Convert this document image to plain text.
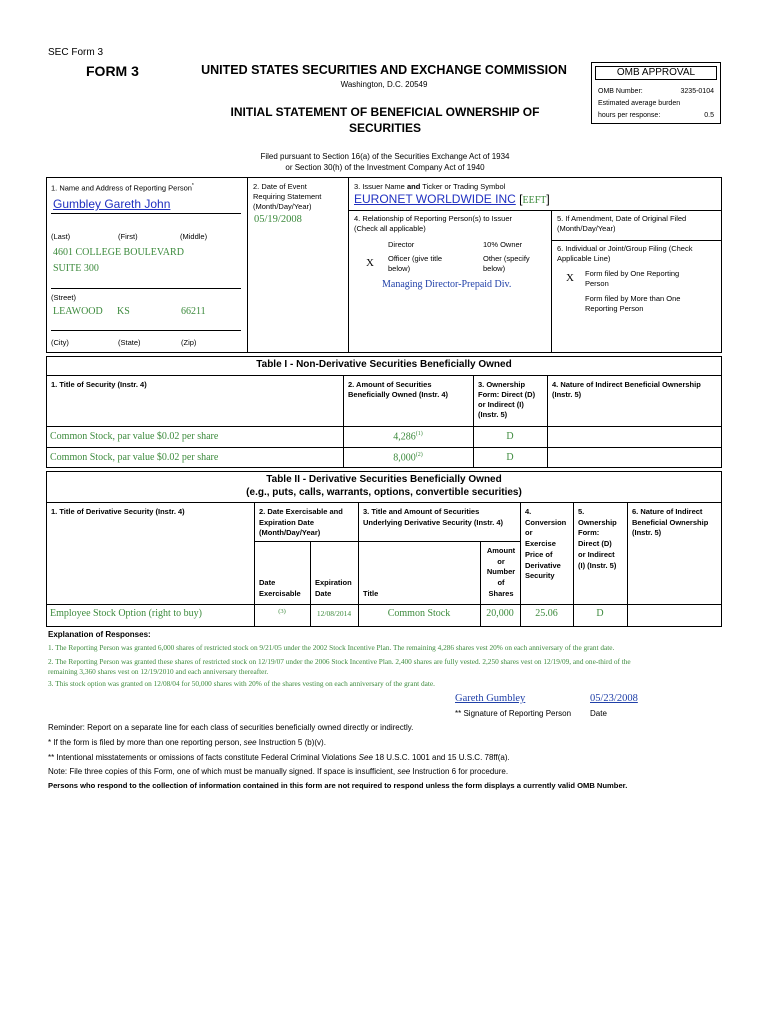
SEC Form 3
FORM 3	UNITED STATES SECURITIES AND EXCHANGE COMMISSION
Washington, D.C. 20549
INITIAL STATEMENT OF BENEFICIAL OWNERSHIP OF
SECURITIES
Filed pursuant to Section 16(a) of the Securities Exchange Act of 1934
or Section 30(h) of the Investment Company Act of 1940
OMB APPROVAL
OMB Number:	3235-0104
Estimated average burden
hours per response:	0.5
1. Name and Address of Reporting Person*
Gumbley Gareth John
(Last)	(First)	(Middle)
4601 COLLEGE BOULEVARD
SUITE 300
(Street)
LEAWOOD KS	66211
(City)	(State)	(Zip)
2. Date of Event
Requiring Statement
(Month/Day/Year)
05/19/2008
3. Issuer Name and Ticker or Trading Symbol
EURONET WORLDWIDE INC [EEFT]
4. Relationship of Reporting Person(s) to Issuer
(Check all applicable)
Director	10% Owner
X Officer (give title
below)
Other (specify
below)
Managing Director-Prepaid Div.
5. If Amendment, Date of Original Filed
(Month/Day/Year)
6. Individual or Joint/Group Filing (Check
Applicable Line)
X Form filed by One Reporting
Person
Form filed by More than One
Reporting Person
Table I - Non-Derivative Securities Beneficially Owned
1. Title of Security (Instr. 4)	2. Amount of Securities
Beneficially Owned (Instr. 4)
3. Ownership
Form: Direct (D)
or Indirect (I)
(Instr. 5)
4. Nature of Indirect Beneficial Ownership
(Instr. 5)
Common Stock, par value $0.02 per share	4,286$^{(1)}$	D
Common Stock, par value $0.02 per share	8,000$^{(2)}$	D
Table II - Derivative Securities Beneficially Owned
(e.g., puts, calls, warrants, options, convertible securities)
1. Title of Derivative Security (Instr. 4)	2. Date Exercisable and
Expiration Date
(Month/Day/Year)
3. Title and Amount of Securities
Underlying Derivative Security (Instr. 4)
4.
Conversion
or
Exercise
Price of
Derivative
Security
5.
Ownership
Form:
Direct (D)
or Indirect
(I) (Instr. 5)
6. Nature of Indirect
Beneficial Ownership
(Instr. 5)
Date
Exercisable
Expiration
Date	Title
Amount
or
Number
of
Shares
Employee Stock Option (right to buy)	(3)	12/08/2014	Common Stock	20,000	25.06	D
Explanation of Responses:
1. The Reporting Person was granted 6,000 shares of restricted stock on 9/21/05 under the 2002 Stock Incentive Plan. The remaining 4,286 shares vest 20% on each anniversary of the grant date.
2. The Reporting Person was granted these shares of restricted stock on 12/19/07 under the 2006 Stock Incentive Plan. 2,400 shares are fully vested. 2,250 shares vest on 12/19/09, and one-third of the
remaining 3,360 shares vest on 12/19/2010 and each anniversary thereafter.
3. This stock option was granted on 12/08/04 for 50,000 shares with 20% of the shares vesting on each anniversary of the grant date.
Gareth Gumbley	05/23/2008
** Signature of Reporting Person Date
Reminder: Report on a separate line for each class of securities beneficially owned directly or indirectly.
* If the form is filed by more than one reporting person, see Instruction 5 (b)(v).
** Intentional misstatements or omissions of facts constitute Federal Criminal Violations See 18 U.S.C. 1001 and 15 U.S.C. 78ff(a).
Note: File three copies of this Form, one of which must be manually signed. If space is insufficient, see Instruction 6 for procedure.
Persons who respond to the collection of information contained in this form are not required to respond unless the form displays a currently valid OMB Number.
